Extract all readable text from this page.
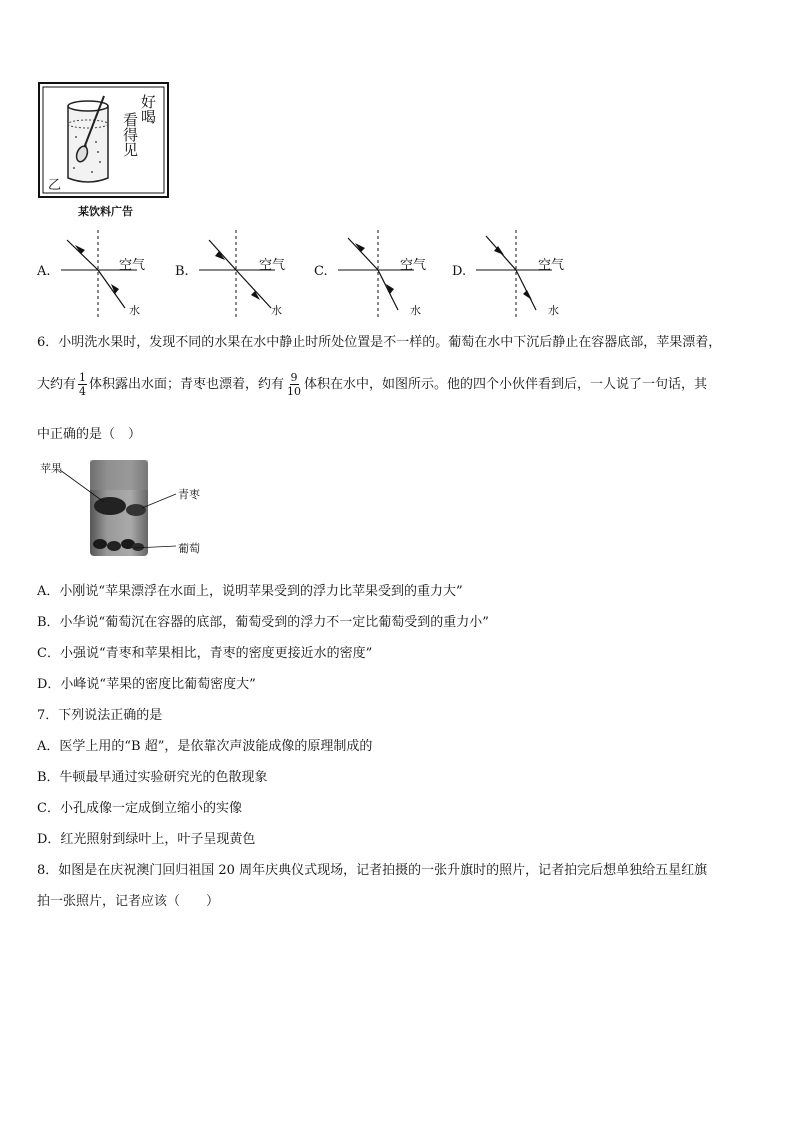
好喝
看得见
乙
某饮料广告
A.	空气
水
B.	空气
水
C.	空气
水
D.	空气
水
6．小明洗水果时，发现不同的水果在水中静止时所处位置是不一样的。葡萄在水中下沉后静止在容器底部，苹果漂着，
大约有 $\frac{1}{4}$ 体积露出水面；青枣也漂着，约有 $\frac{9}{10}$ 体积在水中，如图所示。他的四个小伙伴看到后，一人说了一句话，其
中正确的是（　）
苹果
青枣
葡萄
A．小刚说“苹果漂浮在水面上，说明苹果受到的浮力比苹果受到的重力大”
B．小华说“葡萄沉在容器的底部，葡萄受到的浮力不一定比葡萄受到的重力小”
C．小强说“青枣和苹果相比，青枣的密度更接近水的密度”
D．小峰说“苹果的密度比葡萄密度大”
7．下列说法正确的是
A．医学上用的“B 超”，是依靠次声波能成像的原理制成的
B．牛顿最早通过实验研究光的色散现象
C．小孔成像一定成倒立缩小的实像
D．红光照射到绿叶上，叶子呈现黄色
8．如图是在庆祝澳门回归祖国 20 周年庆典仪式现场，记者拍摄的一张升旗时的照片，记者拍完后想单独给五星红旗
拍一张照片，记者应该（　　）
